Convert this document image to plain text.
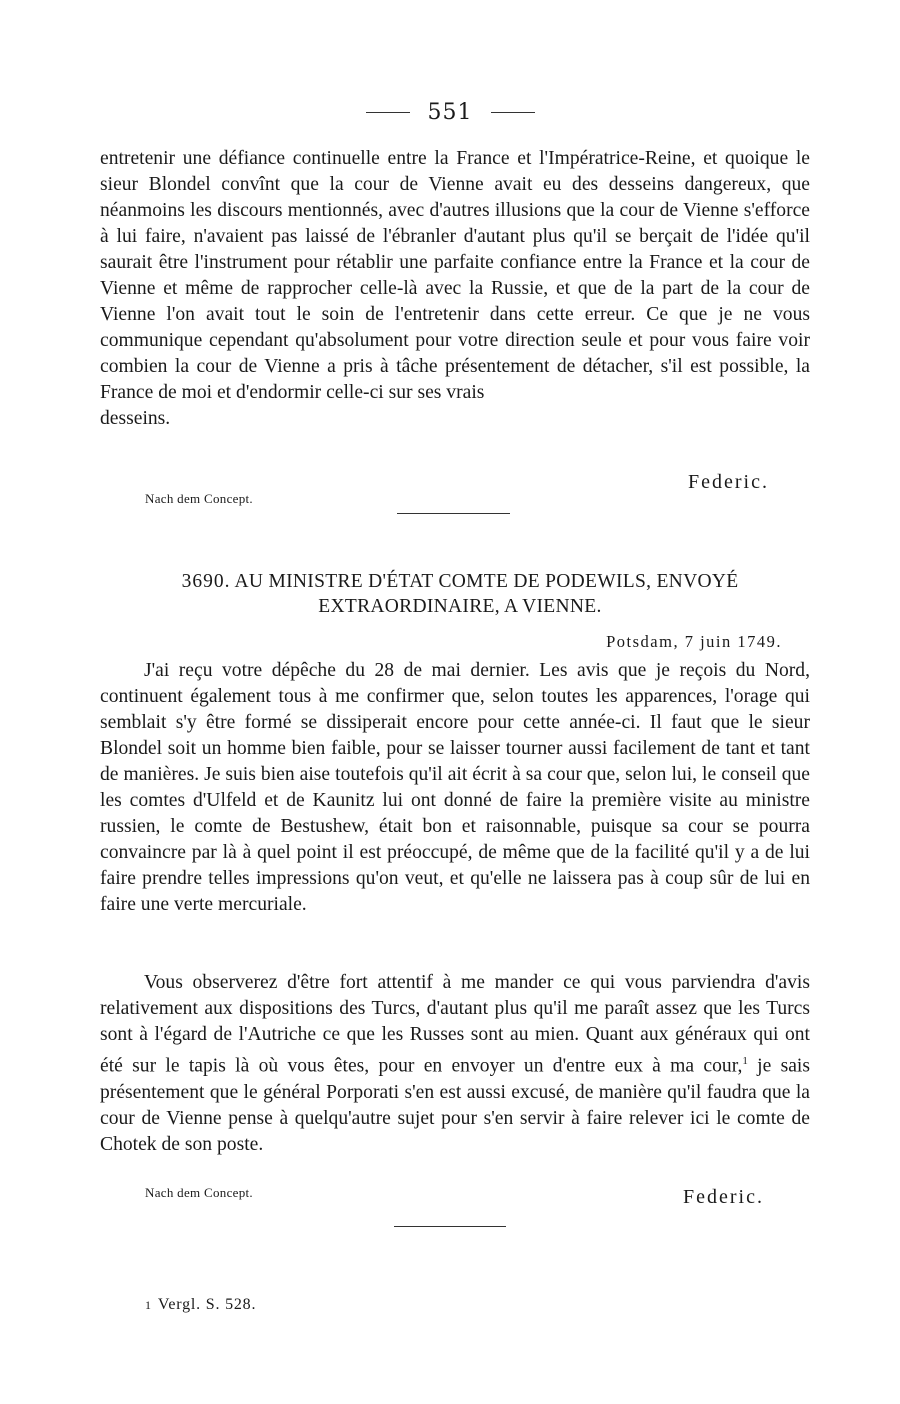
551
entretenir une défiance continuelle entre la France et l'Impératrice-Reine, et quoique le sieur Blondel convînt que la cour de Vienne avait eu des desseins dangereux, que néanmoins les discours mentionnés, avec d'autres illusions que la cour de Vienne s'efforce à lui faire, n'avaient pas laissé de l'ébranler d'autant plus qu'il se berçait de l'idée qu'il saurait être l'instrument pour rétablir une parfaite confiance entre la France et la cour de Vienne et même de rapprocher celle-là avec la Russie, et que de la part de la cour de Vienne l'on avait tout le soin de l'entretenir dans cette erreur. Ce que je ne vous communique cependant qu'absolument pour votre direction seule et pour vous faire voir combien la cour de Vienne a pris à tâche présentement de détacher, s'il est possible, la France de moi et d'endormir celle-ci sur ses vrais
desseins.
Federic.
Nach dem Concept.
3690. AU MINISTRE D'ÉTAT COMTE DE PODEWILS, ENVOYÉ
EXTRAORDINAIRE, A VIENNE.
Potsdam, 7 juin 1749.
J'ai reçu votre dépêche du 28 de mai dernier. Les avis que je reçois du Nord, continuent également tous à me confirmer que, selon toutes les apparences, l'orage qui semblait s'y être formé se dissiperait encore pour cette année-ci. Il faut que le sieur Blondel soit un homme bien faible, pour se laisser tourner aussi facilement de tant et tant de manières. Je suis bien aise toutefois qu'il ait écrit à sa cour que, selon lui, le conseil que les comtes d'Ulfeld et de Kaunitz lui ont donné de faire la première visite au ministre russien, le comte de Bestushew, était bon et raisonnable, puisque sa cour se pourra convaincre par là à quel point il est préoccupé, de même que de la facilité qu'il y a de lui faire prendre telles impressions qu'on veut, et qu'elle ne laissera pas à coup sûr de lui en faire une verte mercuriale.
Vous observerez d'être fort attentif à me mander ce qui vous parviendra d'avis relativement aux dispositions des Turcs, d'autant plus qu'il me paraît assez que les Turcs sont à l'égard de l'Autriche ce que les Russes sont au mien. Quant aux généraux qui ont été sur le tapis là où vous êtes, pour en envoyer un d'entre eux à ma cour,$^1$ je sais présentement que le général Porporati s'en est aussi excusé, de manière qu'il faudra que la cour de Vienne pense à quelqu'autre sujet pour s'en servir à faire relever ici le comte de Chotek de son poste.
Nach dem Concept.	Federic.
1 Vergl. S. 528.
